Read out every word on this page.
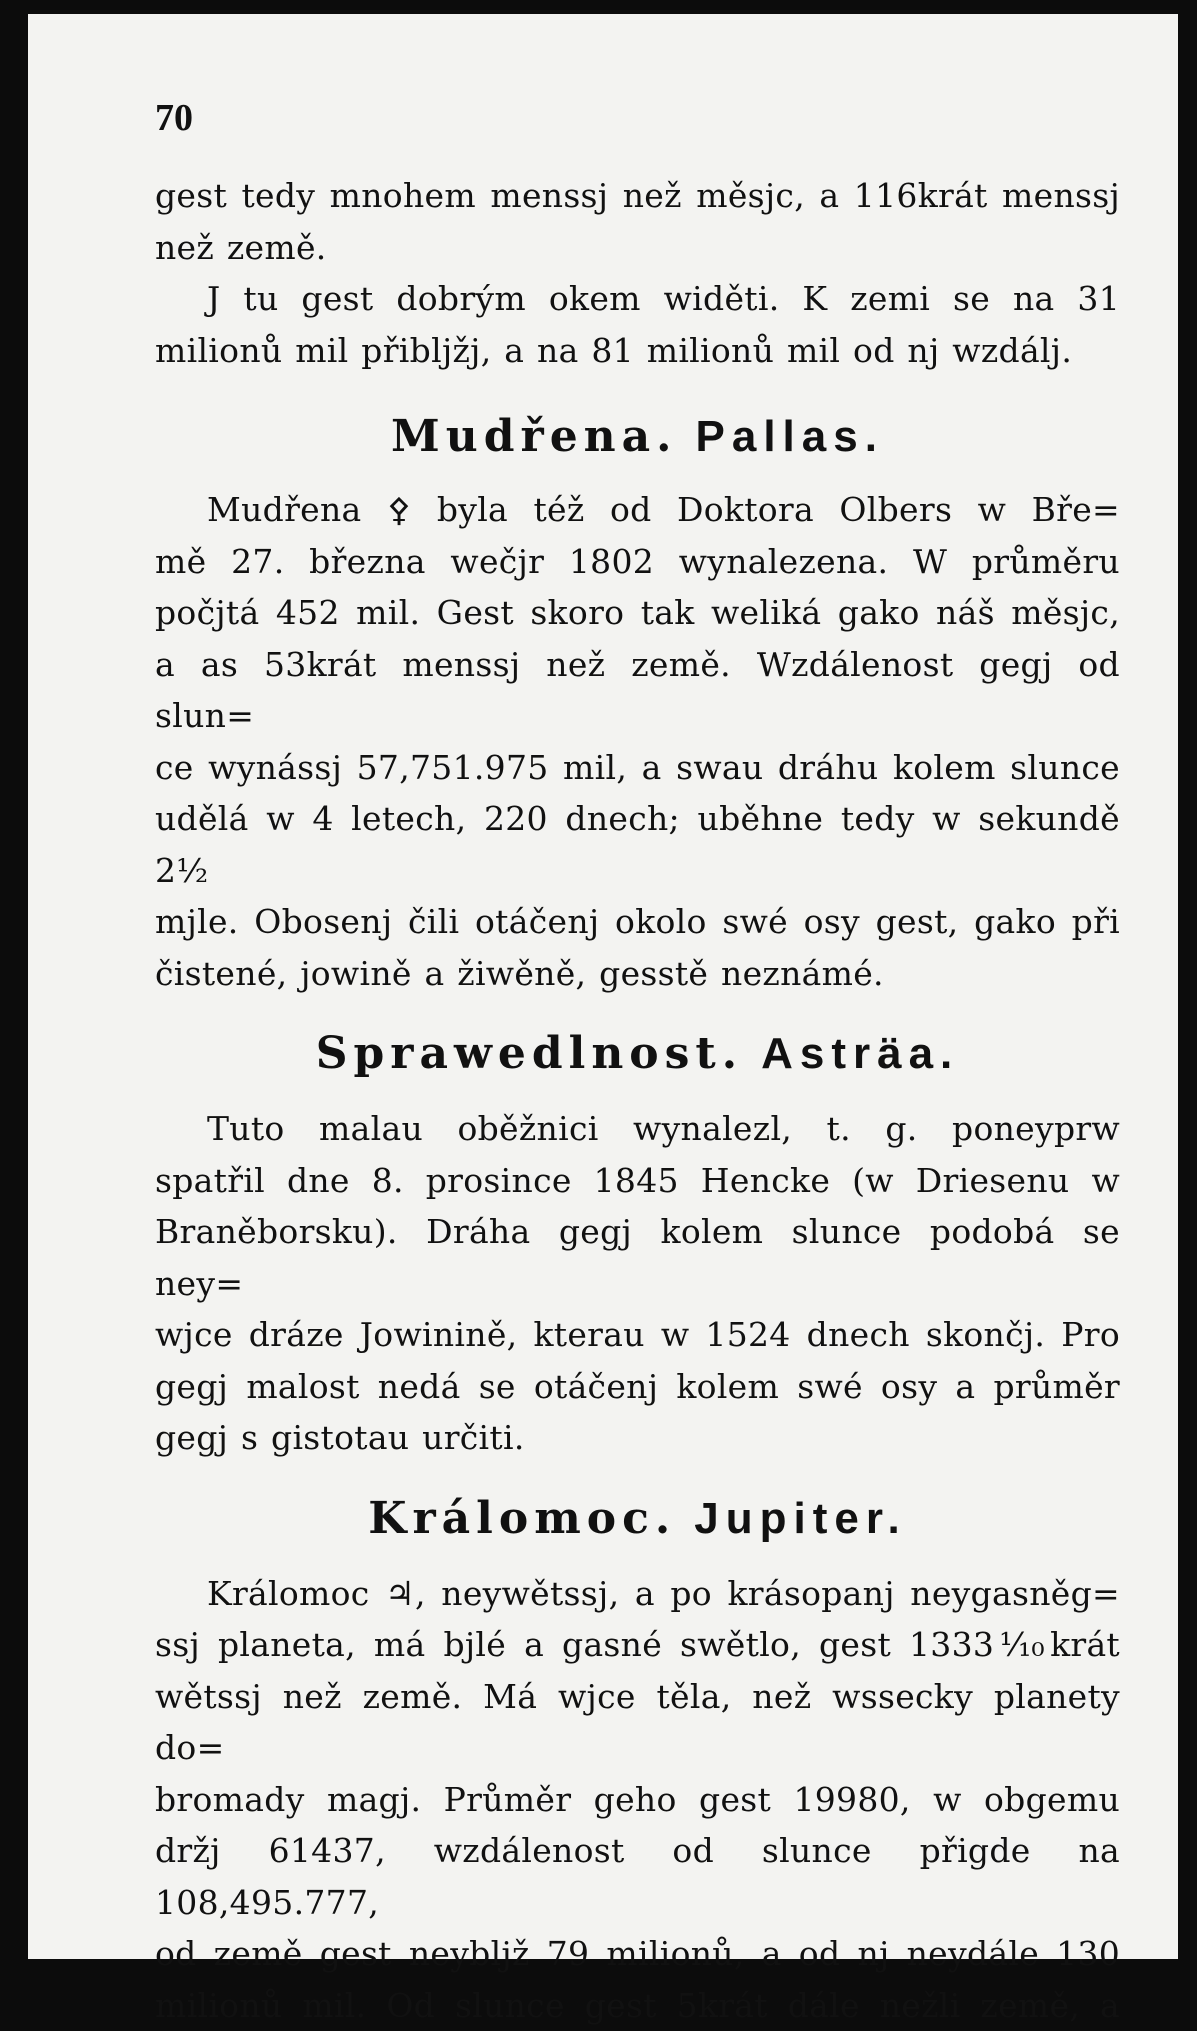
70

gest tedy mnohem menssj než měsjc, a 116krát menssj
než země.

J tu gest dobrým okem widěti. K zemi se na 31
milionů mil přibljžj, a na 81 milionů mil od nj wzdálj.

Mudřena. Pallas.

Mudřena ⚴ byla též od Doktora Olbers w Bře=
mě 27. března wečjr 1802 wynalezena. W průměru
počjtá 452 mil. Gest skoro tak weliká gako náš měsjc,
a as 53krát menssj než země. Wzdálenost gegj od slun=
ce wynássj 57,751.975 mil, a swau dráhu kolem slunce
udělá w 4 letech, 220 dnech; uběhne tedy w sekundě 2½
mjle. Obosenj čili otáčenj okolo swé osy gest, gako při
čistené, jowině a žiwěně, gesstě neznámé.

Sprawedlnost. Asträa.

Tuto malau oběžnici wynalezl, t. g. poneyprw
spatřil dne 8. prosince 1845 Hencke (w Driesenu w
Braněborsku). Dráha gegj kolem slunce podobá se ney=
wjce dráze Jowinině, kterau w 1524 dnech skončj. Pro
gegj malost nedá se otáčenj kolem swé osy a průměr
gegj s gistotau určiti.

Králomoc. Jupiter.

Králomoc ♃, neywětssj, a po krásopanj neygasněg=
ssj planeta, má bjlé a gasné swětlo, gest 1333⅒krát
wětssj než země. Má wjce těla, než wssecky planety do=
bromady magj. Průměr geho gest 19980, w obgemu
držj 61437, wzdálenost od slunce přigde na 108,495.777,
od země gest neyblјž 79 milionů, a od nj neydále 130
milionů mil. Od slunce gest 5krát dále nežli země, a
